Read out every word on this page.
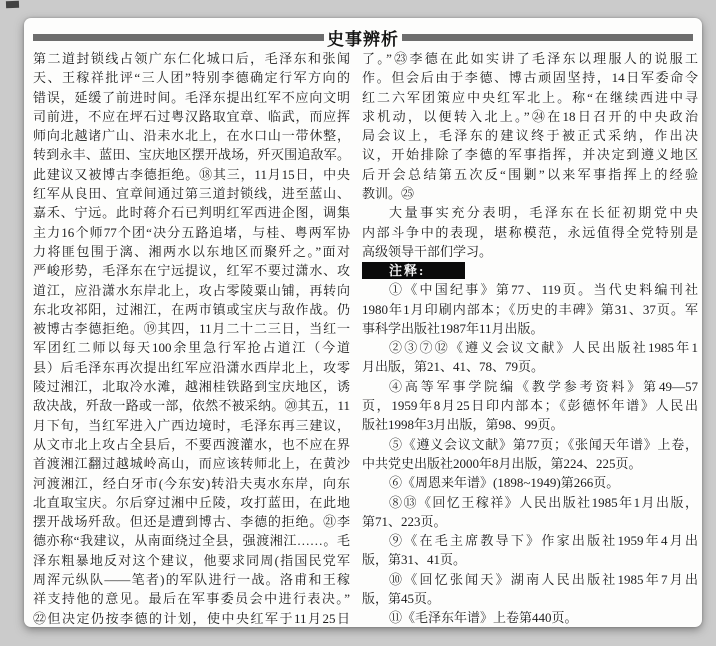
史事辨析
第二道封锁线占领广东仁化城口后，毛泽东和张闻
天、王稼祥批评“三人团”特别李德确定行军方向的
错误，延缓了前进时间。毛泽东提出红军不应向文明
司前进，不应在坪石过粤汉路取宜章、临武，而应挥
师向北越诸广山、沿耒水北上，在水口山一带休整，
转到永丰、蓝田、宝庆地区摆开战场，歼灭围追敌军。
此建议又被博古李德拒绝。⑱其三，11月15日，中央
红军从良田、宜章间通过第三道封锁线，进至蓝山、
嘉禾、宁远。此时蒋介石已判明红军西进企图，调集
主力16个师77个团“决分五路追堵，与桂、粤两军协
力将匪包围于漓、湘两水以东地区而聚歼之。”面对
严峻形势，毛泽东在宁远提议，红军不要过潇水、攻
道江，应沿潇水东岸北上，攻占零陵粟山铺，再转向
东北攻祁阳，过湘江，在两市镇或宝庆与敌作战。仍
被博古李德拒绝。⑲其四，11月二十二三日，当红一
军团红二师以每天100余里急行军抢占道江（今道
县）后毛泽东再次提出红军应沿潇水西岸北上，攻零
陵过湘江，北取冷水滩，越湘桂铁路到宝庆地区，诱
敌决战，歼敌一路或一部，依然不被采纳。⑳其五，11
月下旬，当红军进入广西边境时，毛泽东再三建议，
从文市北上攻占全县后，不要西渡灌水，也不应在界
首渡湘江翻过越城岭高山，而应该转师北上，在黄沙
河渡湘江，经白牙市(今东安)转沿夫夷水东岸，向东
北直取宝庆。尔后穿过湘中丘陵，攻打蓝田，在此地
摆开战场歼敌。但还是遭到博古、李德的拒绝。㉑李
德亦称“我建议，从南面绕过全县，强渡湘江……。毛
泽东粗暴地反对这个建议，他要求同周(指国民党军
周浑元纵队——笔者)的军队进行一战。洛甫和王稼
祥支持他的意见。最后在军事委员会中进行表决。”
㉒但决定仍按李德的计划，使中央红军于11月25日
了。”㉓李德在此如实讲了毛泽东以理服人的说服工
作。但会后由于李德、博古顽固坚持，14日军委命令
红二六军团策应中央红军北上。称“在继续西进中寻
求机动，以便转入北上。”㉔在18日召开的中央政治
局会议上，毛泽东的建议终于被正式采纳，作出决
议，开始排除了李德的军事指挥，并决定到遵义地区
后开会总结第五次反“围剿”以来军事指挥上的经验
教训。㉕
大量事实充分表明，毛泽东在长征初期党中央
内部斗争中的表现，堪称模范，永远值得全党特别是
高级领导干部们学习。
注释:
①《中国纪事》第77、119页。当代史料编刊社
1980年1月印刷内部本；《历史的丰碑》第31、37页。军
事科学出版社1987年11月出版。
②③⑦⑫《遵义会议文献》人民出版社1985年1
月出版，第21、41、78、79页。
④高等军事学院编《教学参考资料》第49—57
页，1959年8月25日印内部本；《彭德怀年谱》人民出
版社1998年3月出版，第98、99页。
⑤《遵义会议文献》第77页；《张闻天年谱》上卷，
中共党史出版社2000年8月出版，第224、225页。
⑥《周恩来年谱》(1898~1949)第266页。
⑧⑬《回忆王稼祥》人民出版社1985年1月出版，
第71、223页。
⑨《在毛主席教导下》作家出版社1959年4月出
版，第31、41页。
⑩《回忆张闻天》湖南人民出版社1985年7月出
版，第45页。
⑪《毛泽东年谱》上卷第440页。
